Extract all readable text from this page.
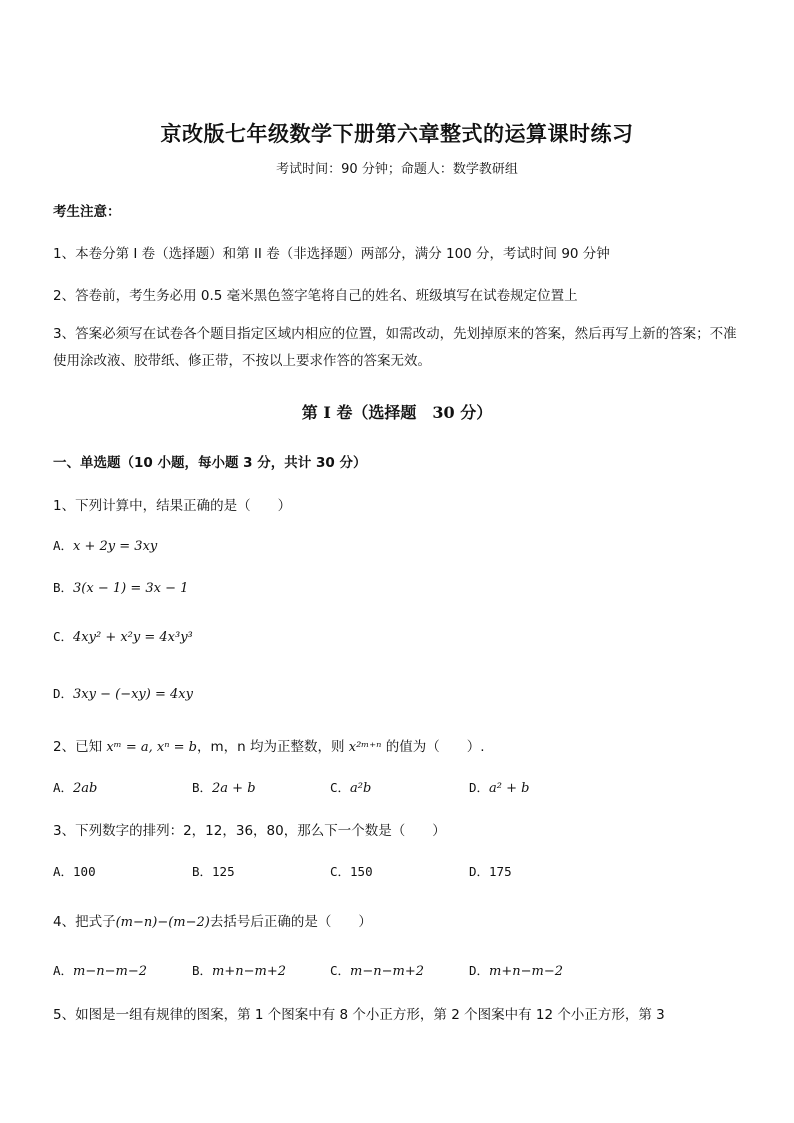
京改版七年级数学下册第六章整式的运算课时练习
考试时间：90 分钟；命题人：数学教研组
考生注意：
1、本卷分第 I 卷（选择题）和第 II 卷（非选择题）两部分，满分 100 分，考试时间 90 分钟
2、答卷前，考生务必用 0.5 毫米黑色签字笔将自己的姓名、班级填写在试卷规定位置上
3、答案必须写在试卷各个题目指定区域内相应的位置，如需改动，先划掉原来的答案，然后再写上新的答案；不准使用涂改液、胶带纸、修正带，不按以上要求作答的答案无效。
第 I 卷（选择题　30 分）
一、单选题（10 小题，每小题 3 分，共计 30 分）
1、下列计算中，结果正确的是（　　）
A．x + 2y = 3xy
B．3(x − 1) = 3x − 1
C．4xy² + x²y = 4x³y³
D．3xy − (−xy) = 4xy
2、已知 xᵐ = a, xⁿ = b，m，n 均为正整数，则 x²ᵐ⁺ⁿ 的值为（　　）.
A．2ab	B．2a + b	C．a²b	D．a² + b
3、下列数字的排列：2，12，36，80，那么下一个数是（　　）
A．100	B．125	C．150	D．175
4、把式子(m−n)−(m−2)去括号后正确的是（　　）
A．m−n−m−2	B．m+n−m+2	C．m−n−m+2	D．m+n−m−2
5、如图是一组有规律的图案，第 1 个图案中有 8 个小正方形，第 2 个图案中有 12 个小正方形，第 3
